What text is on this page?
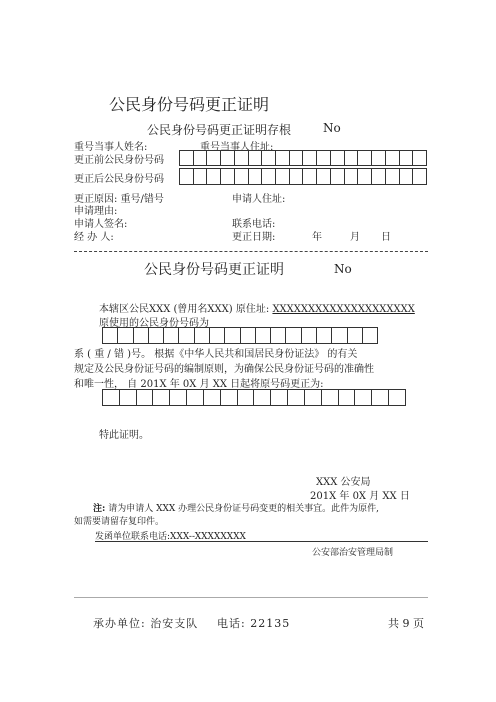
公民身份号码更正证明
公民身份号码更正证明存根	No
重号当事人姓名:	重号当事人住址:
更正前公民身份号码
更正后公民身份号码
更正原因: 重号/错号	申请人住址:
申请理由:
申请人签名:	联系电话:
经 办 人:	更正日期:	年	月 日
公民身份号码更正证明	No
本辖区公民XXX (曾用名XXX) 原住址: XXXXXXXXXXXXXXXXXXXX
原使用的公民身份号码为
系 ( 重 / 错 )号。 根据《中华人民共和国居民身份证法》 的有关
规定及公民身份证号码的编制原则，为确保公民身份证号码的准确性
和唯一性， 自 201X 年 0X 月 XX 日起将原号码更正为:
特此证明。
XXX 公安局
201X 年 0X 月 XX 日
注: 请为申请人 XXX 办理公民身份证号码变更的相关事宜。此件为原件,
如需要请留存复印件。
发函单位联系电话:XXX--XXXXXXXX
公安部治安管理局制
承办单位: 治安支队 电话: 22135	共 9 页
